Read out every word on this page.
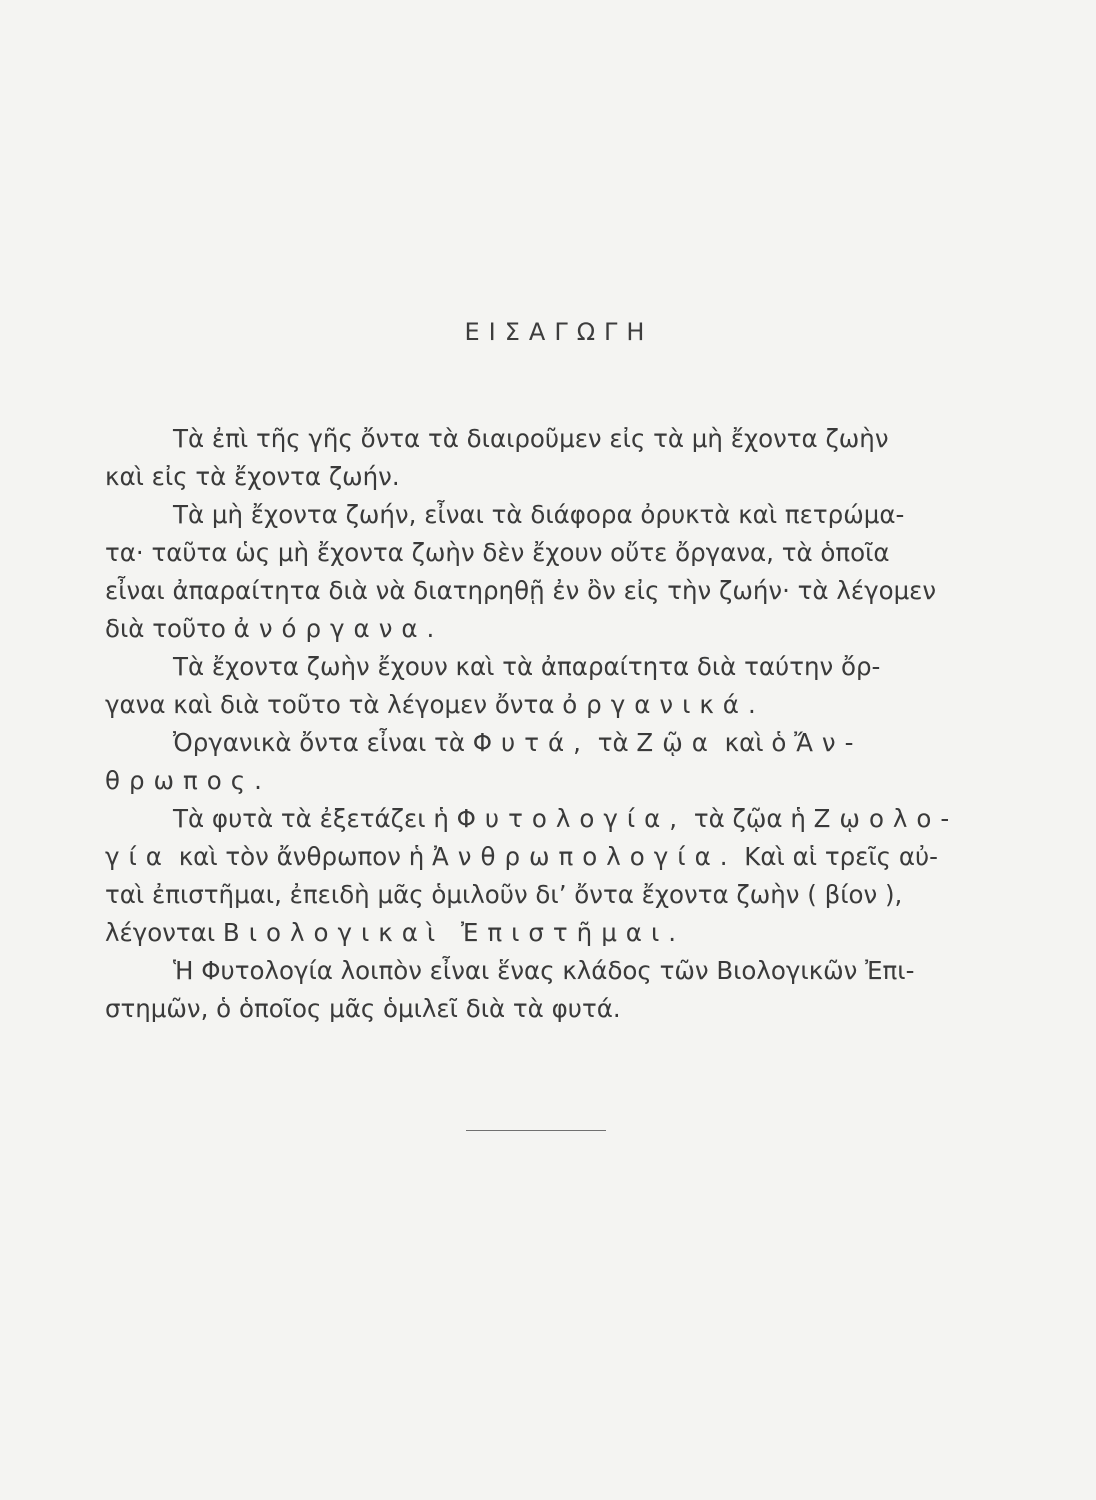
ΕΙΣΑΓΩΓΗ
Τὰ ἐπὶ τῆς γῆς ὄντα τὰ διαιροῦμεν εἰς τὰ μὴ ἔχοντα ζωὴν
καὶ εἰς τὰ ἔχοντα ζωήν.
Τὰ μὴ ἔχοντα ζωήν, εἶναι τὰ διάφορα ὀρυκτὰ καὶ πετρώμα-
τα· ταῦτα ὡς μὴ ἔχοντα ζωὴν δὲν ἔχουν οὔτε ὄργανα, τὰ ὁποῖα
εἶναι ἀπαραίτητα διὰ νὰ διατηρηθῇ ἐν ὂν εἰς τὴν ζωήν· τὰ λέγομεν
διὰ τοῦτο ἀνόργανα.
Τὰ ἔχοντα ζωὴν ἔχουν καὶ τὰ ἀπαραίτητα διὰ ταύτην ὄρ-
γανα καὶ διὰ τοῦτο τὰ λέγομεν ὄντα ὀργανικά.
Ὀργανικὰ ὄντα εἶναι τὰ Φυτά, τὰ Ζῷα καὶ ὁ Ἄν-
θρωπος.
Τὰ φυτὰ τὰ ἐξετάζει ἡ Φυτολογία, τὰ ζῷα ἡ Ζῳολο-
γία καὶ τὸν ἄνθρωπον ἡ Ἀνθρωπολογία. Καὶ αἱ τρεῖς αὐ-
ταὶ ἐπιστῆμαι, ἐπειδὴ μᾶς ὁμιλοῦν δι’ ὄντα ἔχοντα ζωὴν ( βίον ),
λέγονται Βιολογικαὶ Ἐπιστῆμαι.
Ἡ Φυτολογία λοιπὸν εἶναι ἕνας κλάδος τῶν Βιολογικῶν Ἐπι-
στημῶν, ὁ ὁποῖος μᾶς ὁμιλεῖ διὰ τὰ φυτά.
